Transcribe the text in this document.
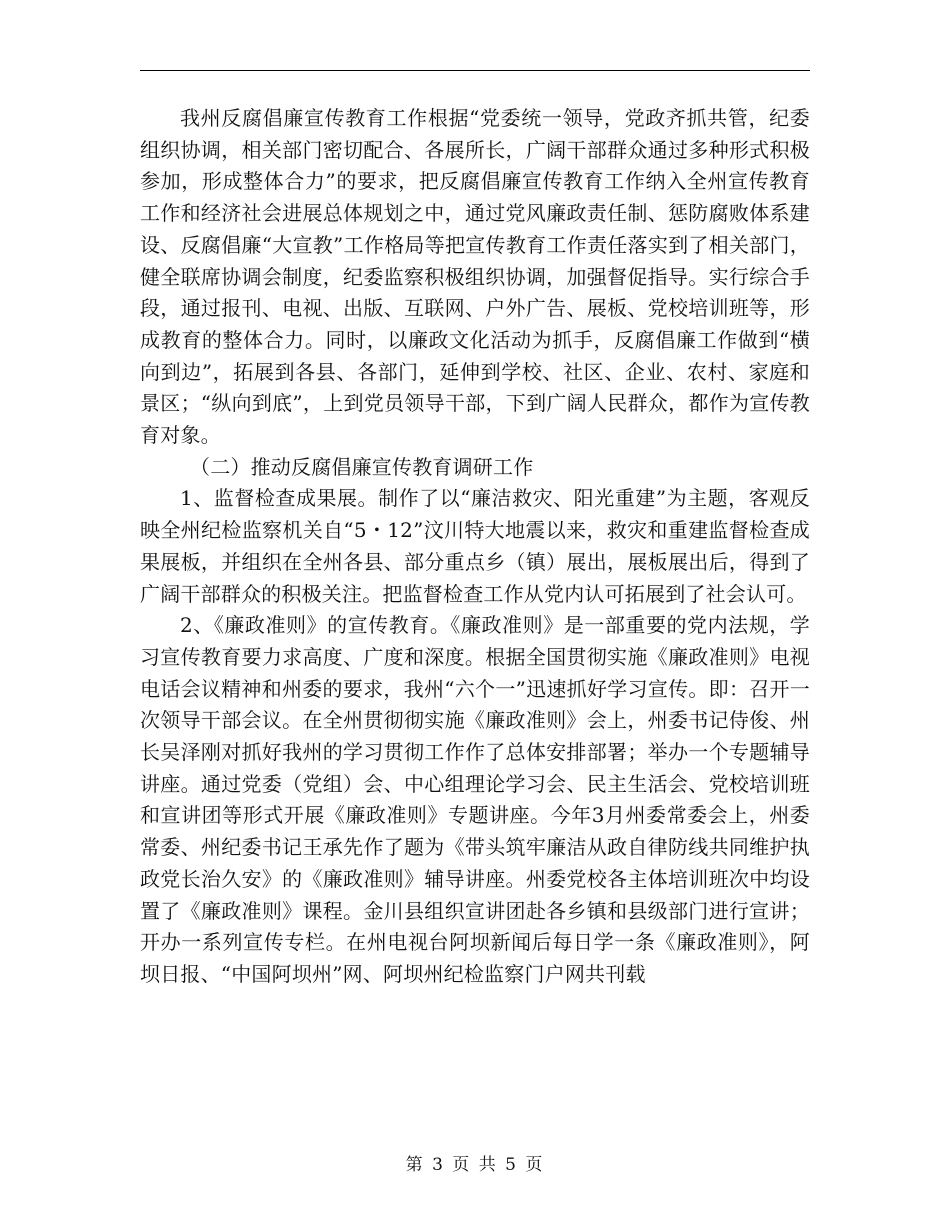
我州反腐倡廉宣传教育工作根据“党委统一领导，党政齐抓共管，纪委组织协调，相关部门密切配合、各展所长，广阔干部群众通过多种形式积极参加，形成整体合力”的要求，把反腐倡廉宣传教育工作纳入全州宣传教育工作和经济社会进展总体规划之中，通过党风廉政责任制、惩防腐败体系建设、反腐倡廉“大宣教”工作格局等把宣传教育工作责任落实到了相关部门，健全联席协调会制度，纪委监察积极组织协调，加强督促指导。实行综合手段，通过报刊、电视、出版、互联网、户外广告、展板、党校培训班等，形成教育的整体合力。同时，以廉政文化活动为抓手，反腐倡廉工作做到“横向到边”，拓展到各县、各部门，延伸到学校、社区、企业、农村、家庭和景区；“纵向到底”，上到党员领导干部，下到广阔人民群众，都作为宣传教育对象。

（二）推动反腐倡廉宣传教育调研工作

1、监督检查成果展。制作了以“廉洁救灾、阳光重建”为主题，客观反映全州纪检监察机关自“5・12”汶川特大地震以来，救灾和重建监督检查成果展板，并组织在全州各县、部分重点乡（镇）展出，展板展出后，得到了广阔干部群众的积极关注。把监督检查工作从党内认可拓展到了社会认可。

2、《廉政准则》的宣传教育。《廉政准则》是一部重要的党内法规，学习宣传教育要力求高度、广度和深度。根据全国贯彻实施《廉政准则》电视电话会议精神和州委的要求，我州“六个一”迅速抓好学习宣传。即：召开一次领导干部会议。在全州贯彻彻实施《廉政准则》会上，州委书记侍俊、州长吴泽刚对抓好我州的学习贯彻工作作了总体安排部署；举办一个专题辅导讲座。通过党委（党组）会、中心组理论学习会、民主生活会、党校培训班和宣讲团等形式开展《廉政准则》专题讲座。今年3月州委常委会上，州委常委、州纪委书记王承先作了题为《带头筑牢廉洁从政自律防线共同维护执政党长治久安》的《廉政准则》辅导讲座。州委党校各主体培训班次中均设置了《廉政准则》课程。金川县组织宣讲团赴各乡镇和县级部门进行宣讲；开办一系列宣传专栏。在州电视台阿坝新闻后每日学一条《廉政准则》，阿坝日报、“中国阿坝州”网、阿坝州纪检监察门户网共刊载

第 3 页 共 5 页
